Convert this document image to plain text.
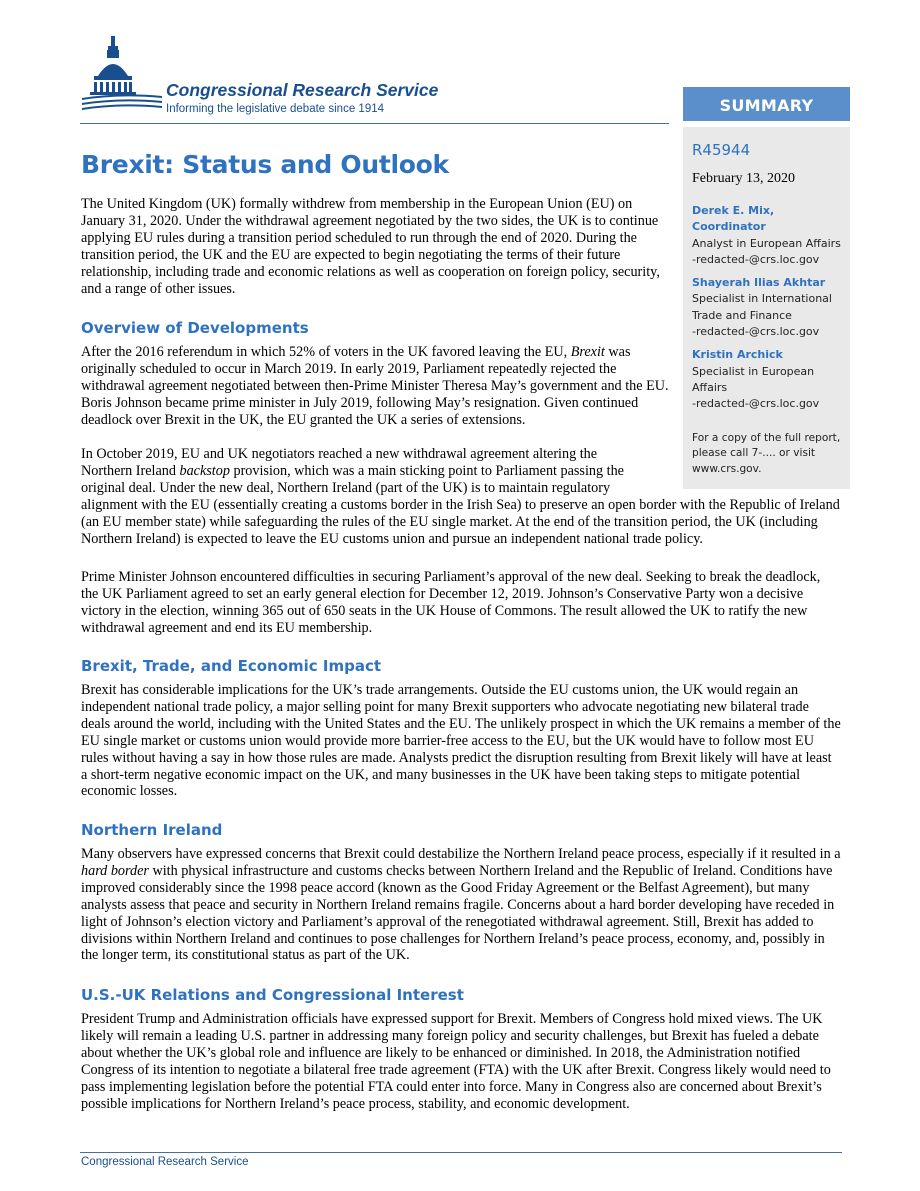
Congressional Research Service

Informing the legislative debate since 1914	SUMMARY

R45944

February 13, 2020

Derek E. Mix, Coordinator
Analyst in European Affairs
-redacted-@crs.loc.gov
Shayerah Ilias Akhtar
Specialist in International
Trade and Finance
-redacted-@crs.loc.gov
Kristin Archick
Specialist in European
Affairs
-redacted-@crs.loc.gov

For a copy of the full report,
please call 7-.... or visit
www.crs.gov.

Brexit: Status and Outlook

The United Kingdom (UK) formally withdrew from membership in the European Union (EU) on January 31, 2020. Under the withdrawal agreement negotiated by the two sides, the UK is to continue applying EU rules during a transition period scheduled to run through the end of 2020. During the transition period, the UK and the EU are expected to begin negotiating the terms of their future relationship, including trade and economic relations as well as cooperation on foreign policy, security, and a range of other issues.

Overview of Developments

After the 2016 referendum in which 52% of voters in the UK favored leaving the EU, Brexit was originally scheduled to occur in March 2019. In early 2019, Parliament repeatedly rejected the withdrawal agreement negotiated between then-Prime Minister Theresa May’s government and the EU. Boris Johnson became prime minister in July 2019, following May’s resignation. Given continued deadlock over Brexit in the UK, the EU granted the UK a series of extensions.

In October 2019, EU and UK negotiators reached a new withdrawal agreement altering the
Northern Ireland backstop provision, which was a main sticking point to Parliament passing the
original deal. Under the new deal, Northern Ireland (part of the UK) is to maintain regulatory
alignment with the EU (essentially creating a customs border in the Irish Sea) to preserve an open border with the Republic of Ireland (an EU member state) while safeguarding the rules of the EU single market. At the end of the transition period, the UK (including Northern Ireland) is expected to leave the EU customs union and pursue an independent national trade policy.

Prime Minister Johnson encountered difficulties in securing Parliament’s approval of the new deal. Seeking to break the deadlock, the UK Parliament agreed to set an early general election for December 12, 2019. Johnson’s Conservative Party won a decisive victory in the election, winning 365 out of 650 seats in the UK House of Commons. The result allowed the UK to ratify the new withdrawal agreement and end its EU membership.

Brexit, Trade, and Economic Impact

Brexit has considerable implications for the UK’s trade arrangements. Outside the EU customs union, the UK would regain an independent national trade policy, a major selling point for many Brexit supporters who advocate negotiating new bilateral trade deals around the world, including with the United States and the EU. The unlikely prospect in which the UK remains a member of the EU single market or customs union would provide more barrier-free access to the EU, but the UK would have to follow most EU rules without having a say in how those rules are made. Analysts predict the disruption resulting from Brexit likely will have at least a short-term negative economic impact on the UK, and many businesses in the UK have been taking steps to mitigate potential economic losses.

Northern Ireland

Many observers have expressed concerns that Brexit could destabilize the Northern Ireland peace process, especially if it resulted in a hard border with physical infrastructure and customs checks between Northern Ireland and the Republic of Ireland. Conditions have improved considerably since the 1998 peace accord (known as the Good Friday Agreement or the Belfast Agreement), but many analysts assess that peace and security in Northern Ireland remains fragile. Concerns about a hard border developing have receded in light of Johnson’s election victory and Parliament’s approval of the renegotiated withdrawal agreement. Still, Brexit has added to divisions within Northern Ireland and continues to pose challenges for Northern Ireland’s peace process, economy, and, possibly in the longer term, its constitutional status as part of the UK.

U.S.-UK Relations and Congressional Interest

President Trump and Administration officials have expressed support for Brexit. Members of Congress hold mixed views. The UK likely will remain a leading U.S. partner in addressing many foreign policy and security challenges, but Brexit has fueled a debate about whether the UK’s global role and influence are likely to be enhanced or diminished. In 2018, the Administration notified Congress of its intention to negotiate a bilateral free trade agreement (FTA) with the UK after Brexit. Congress likely would need to pass implementing legislation before the potential FTA could enter into force. Many in Congress also are concerned about Brexit’s possible implications for Northern Ireland’s peace process, stability, and economic development.

Congressional Research Service
